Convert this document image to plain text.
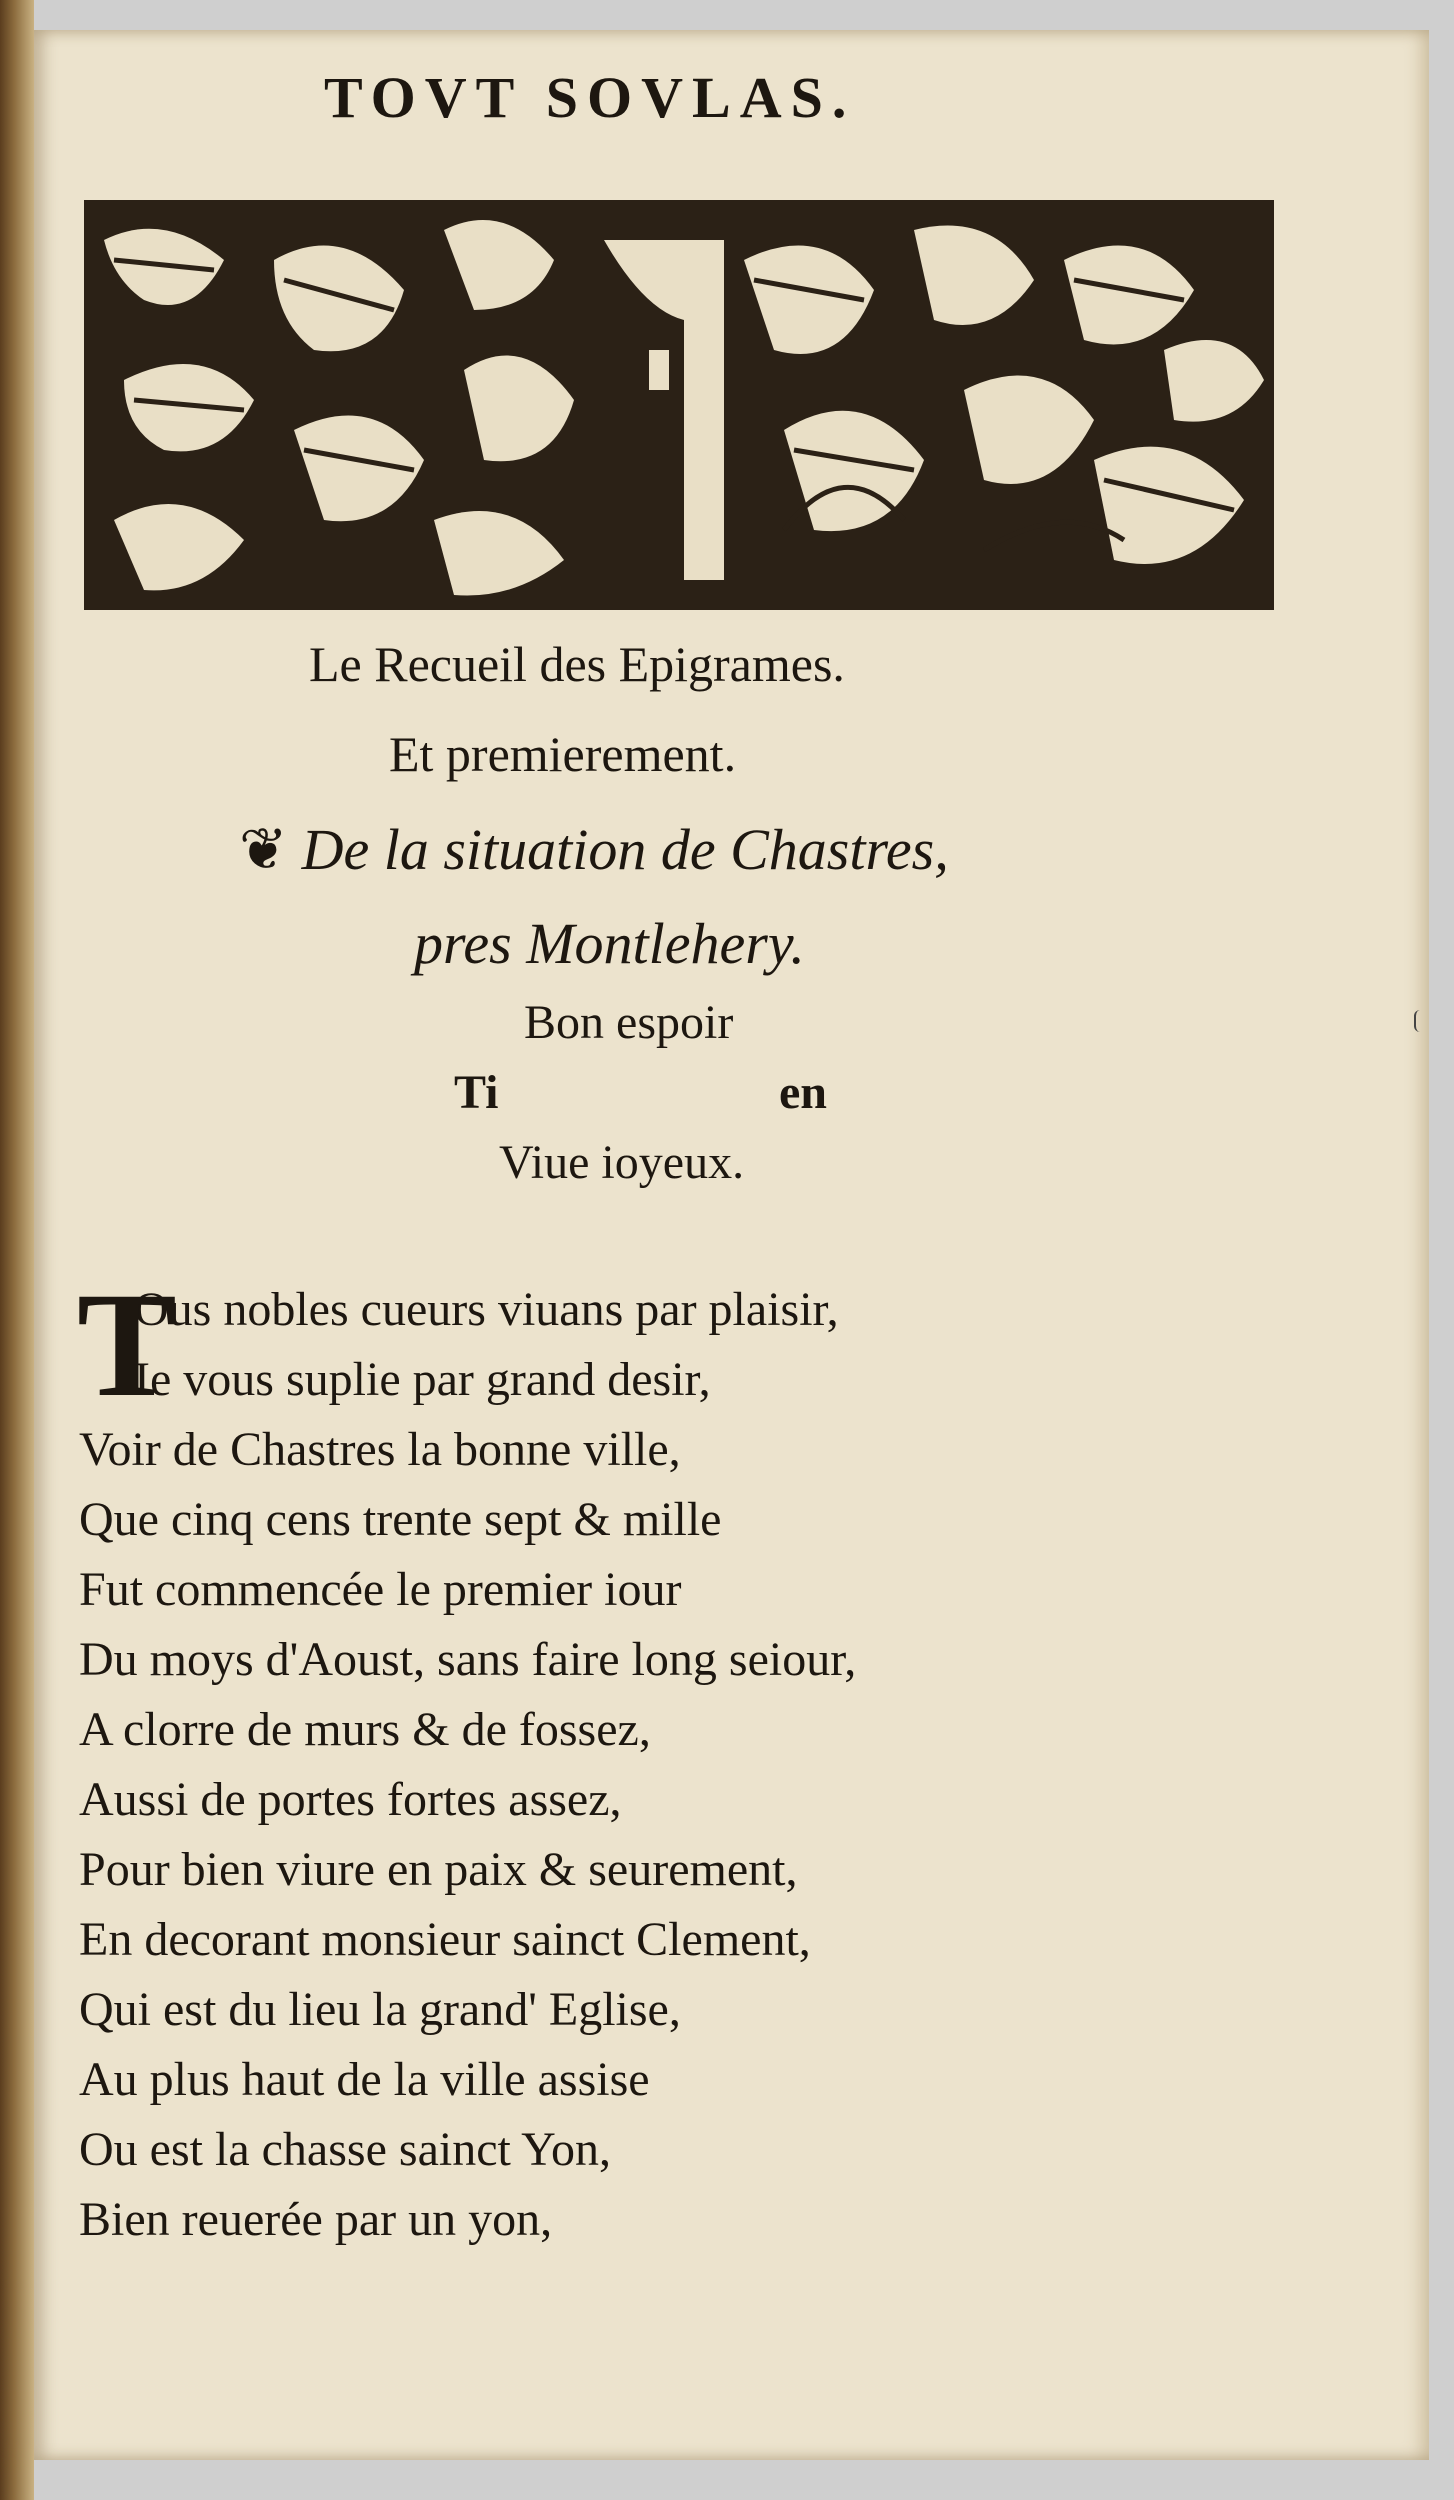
TOVT SOVLAS.
Le Recueil des Epigrames.
Et premierement.
❦ De la situation de Chastres,
pres Montlehery.
Bon espoir
Ti	en
Viue ioyeux.
T
Ous nobles cueurs viuans par plaisir,
Ie vous suplie par grand desir,
Voir de Chastres la bonne ville,
Que cinq cens trente sept & mille
Fut commencée le premier iour
Du moys d'Aoust, sans faire long seiour,
A clorre de murs & de fossez,
Aussi de portes fortes assez,
Pour bien viure en paix & seurement,
En decorant monsieur sainct Clement,
Qui est du lieu la grand' Eglise,
Au plus haut de la ville assise
Ou est la chasse sainct Yon,
Bien reuerée par un yon,
